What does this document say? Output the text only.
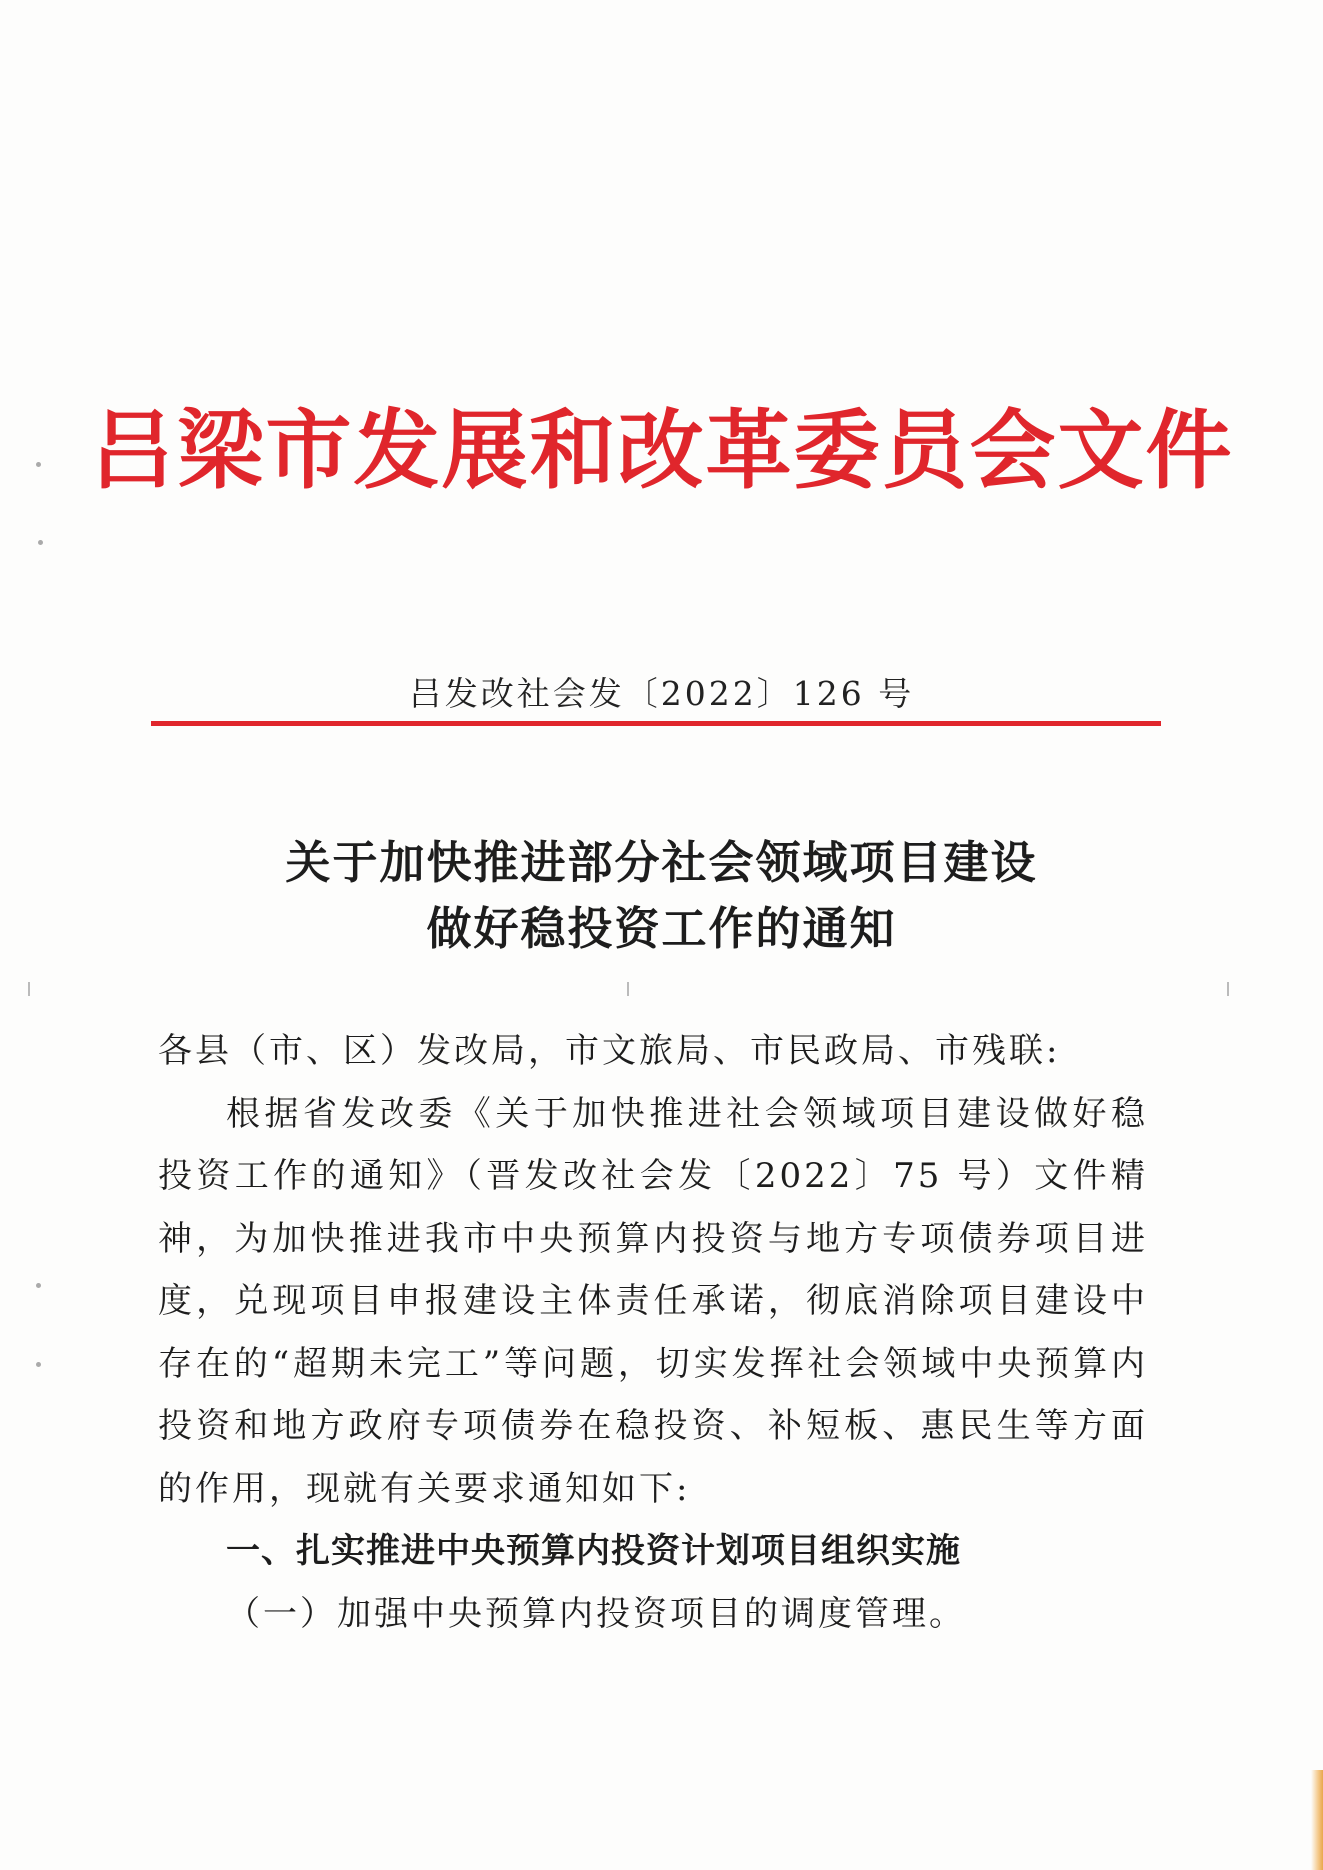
吕梁市发展和改革委员会文件
吕发改社会发〔2022〕126 号
关于加快推进部分社会领域项目建设
做好稳投资工作的通知
各县（市、区）发改局，市文旅局、市民政局、市残联:
根据省发改委《关于加快推进社会领域项目建设做好稳投资工作的通知》（晋发改社会发〔2022〕75 号）文件精神，为加快推进我市中央预算内投资与地方专项债券项目进度，兑现项目申报建设主体责任承诺，彻底消除项目建设中存在的“超期未完工”等问题，切实发挥社会领域中央预算内投资和地方政府专项债券在稳投资、补短板、惠民生等方面的作用，现就有关要求通知如下:
一、扎实推进中央预算内投资计划项目组织实施
（一）加强中央预算内投资项目的调度管理。
